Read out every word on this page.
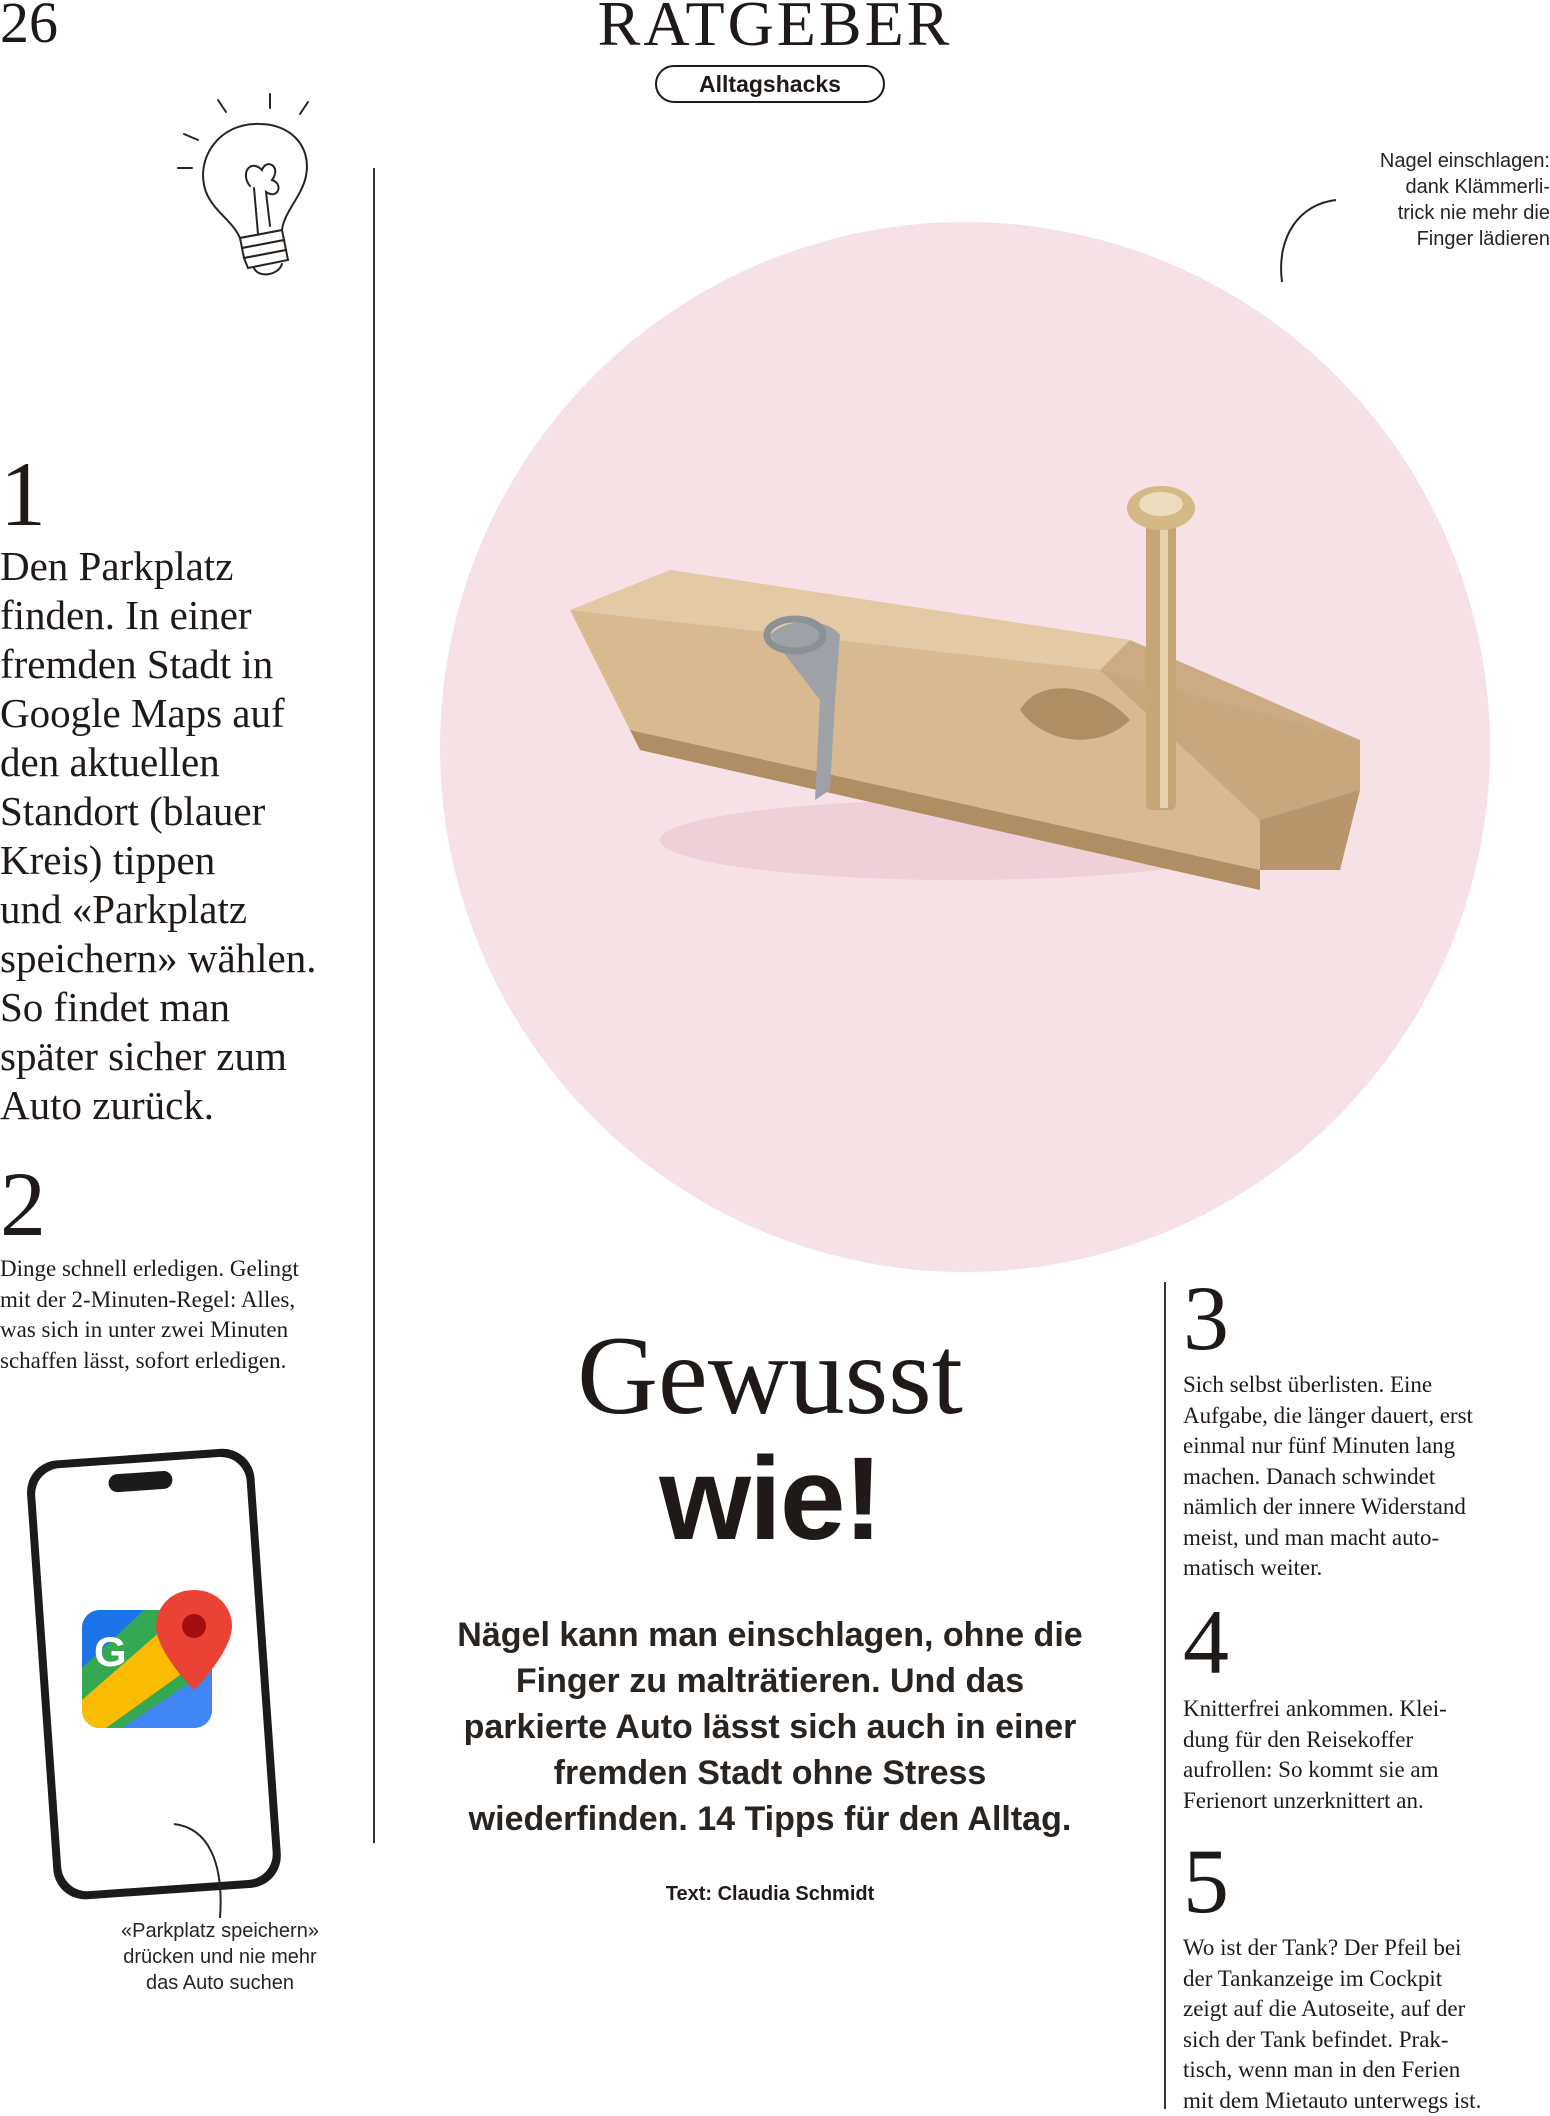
26	RATGEBER
Alltagshacks
1
Den Parkplatz
finden. In einer
fremden Stadt in
Google Maps auf
den aktuellen
Standort (blauer
Kreis) tippen
und «Parkplatz
speichern» wählen.
So findet man
später sicher zum
Auto zurück.
2
Dinge schnell erledigen. Gelingt
mit der 2-Minuten-Regel: Alles,
was sich in unter zwei Minuten
schaffen lässt, sofort erledigen.
G
«Parkplatz speichern»
drücken und nie mehr
das Auto suchen
Nagel einschlagen:
dank Klämmerli-
trick nie mehr die
Finger lädieren
Gewusst
wie!
Nägel kann man einschlagen, ohne die
Finger zu malträtieren. Und das
parkierte Auto lässt sich auch in einer
fremden Stadt ohne Stress
wiederfinden. 14 Tipps für den Alltag.
Text: Claudia Schmidt
3
Sich selbst überlisten. Eine
Aufgabe, die länger dauert, erst
einmal nur fünf Minuten lang
machen. Danach schwindet
nämlich der innere Widerstand
meist, und man macht auto-
matisch weiter.
4
Knitterfrei ankommen. Klei-
dung für den Reisekoffer
aufrollen: So kommt sie am
Ferienort unzerknittert an.
5
Wo ist der Tank? Der Pfeil bei
der Tankanzeige im Cockpit
zeigt auf die Autoseite, auf der
sich der Tank befindet. Prak-
tisch, wenn man in den Ferien
mit dem Mietauto unterwegs ist.
